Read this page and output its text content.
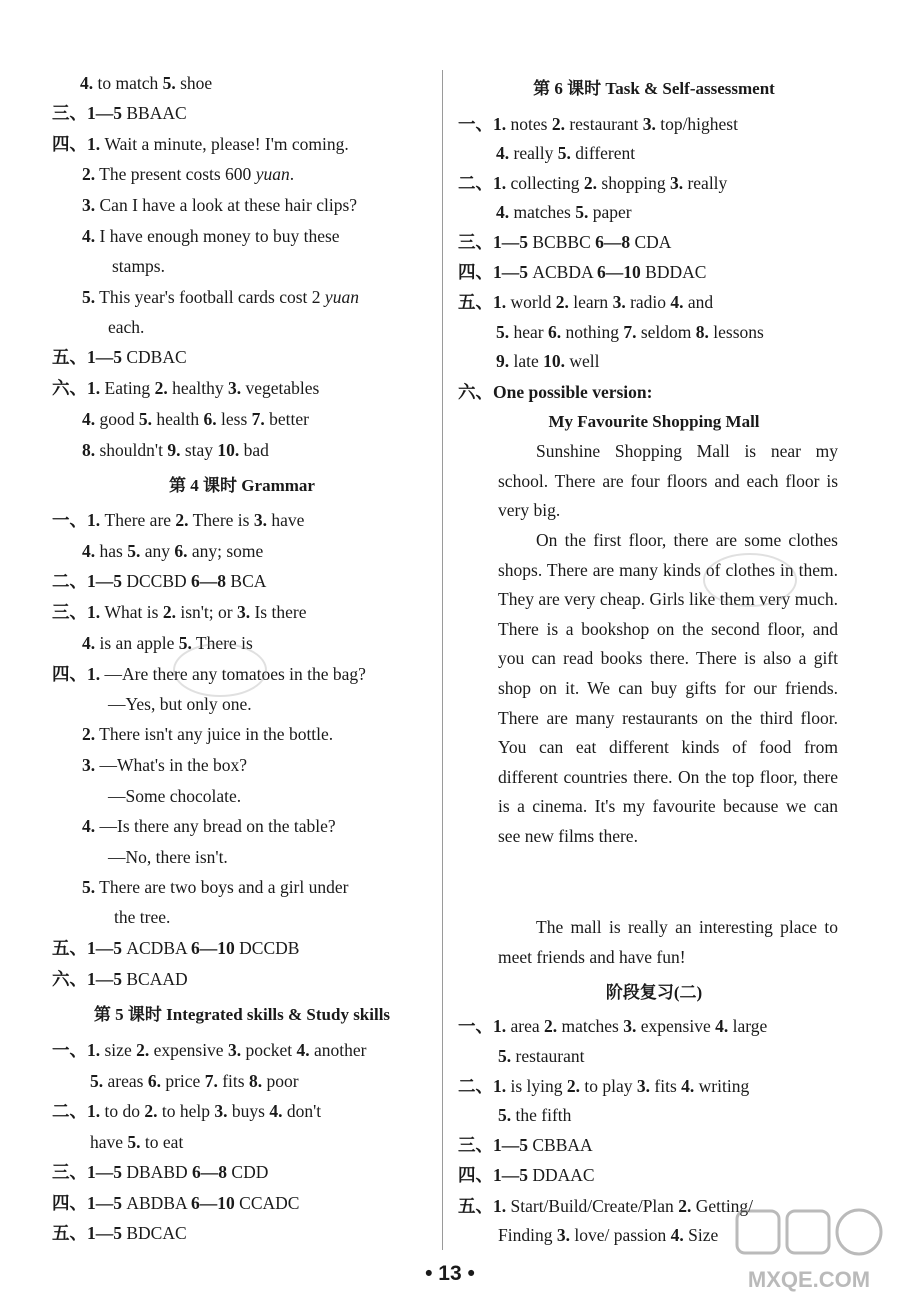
4. to match 5. shoe
三、1—5 BBAAC
四、1. Wait a minute, please! I'm coming.
2. The present costs 600 yuan.
3. Can I have a look at these hair clips?
4. I have enough money to buy these
stamps.
5. This year's football cards cost 2 yuan
each.
五、1—5 CDBAC
六、1. Eating 2. healthy 3. vegetables
4. good 5. health 6. less 7. better
8. shouldn't 9. stay 10. bad
第 4 课时 Grammar
一、1. There are 2. There is 3. have
4. has 5. any 6. any; some
二、1—5 DCCBD 6—8 BCA
三、1. What is 2. isn't; or 3. Is there
4. is an apple 5. There is
四、1. —Are there any tomatoes in the bag?
—Yes, but only one.
2. There isn't any juice in the bottle.
3. —What's in the box?
—Some chocolate.
4. —Is there any bread on the table?
—No, there isn't.
5. There are two boys and a girl under
the tree.
五、1—5 ACDBA 6—10 DCCDB
六、1—5 BCAAD
第 5 课时 Integrated skills & Study skills
一、1. size 2. expensive 3. pocket 4. another
5. areas 6. price 7. fits 8. poor
二、1. to do 2. to help 3. buys 4. don't
have 5. to eat
三、1—5 DBABD 6—8 CDD
四、1—5 ABDBA 6—10 CCADC
五、1—5 BDCAC
第 6 课时 Task & Self-assessment
一、1. notes 2. restaurant 3. top/highest
4. really 5. different
二、1. collecting 2. shopping 3. really
4. matches 5. paper
三、1—5 BCBBC 6—8 CDA
四、1—5 ACBDA 6—10 BDDAC
五、1. world 2. learn 3. radio 4. and
5. hear 6. nothing 7. seldom 8. lessons
9. late 10. well
六、One possible version:
My Favourite Shopping Mall
Sunshine Shopping Mall is near my school. There are four floors and each floor is very big.
On the first floor, there are some clothes shops. There are many kinds of clothes in them. They are very cheap. Girls like them very much. There is a bookshop on the second floor, and you can read books there. There is also a gift shop on it. We can buy gifts for our friends. There are many restaurants on the third floor. You can eat different kinds of food from different countries there. On the top floor, there is a cinema. It's my favourite because we can see new films there.
The mall is really an interesting place to meet friends and have fun!
阶段复习(二)
一、1. area 2. matches 3. expensive 4. large
5. restaurant
二、1. is lying 2. to play 3. fits 4. writing
5. the fifth
三、1—5 CBBAA
四、1—5 DDAAC
五、1. Start/Build/Create/Plan 2. Getting/
Finding 3. love/ passion 4. Size
• 13 •	MXQE.COM
